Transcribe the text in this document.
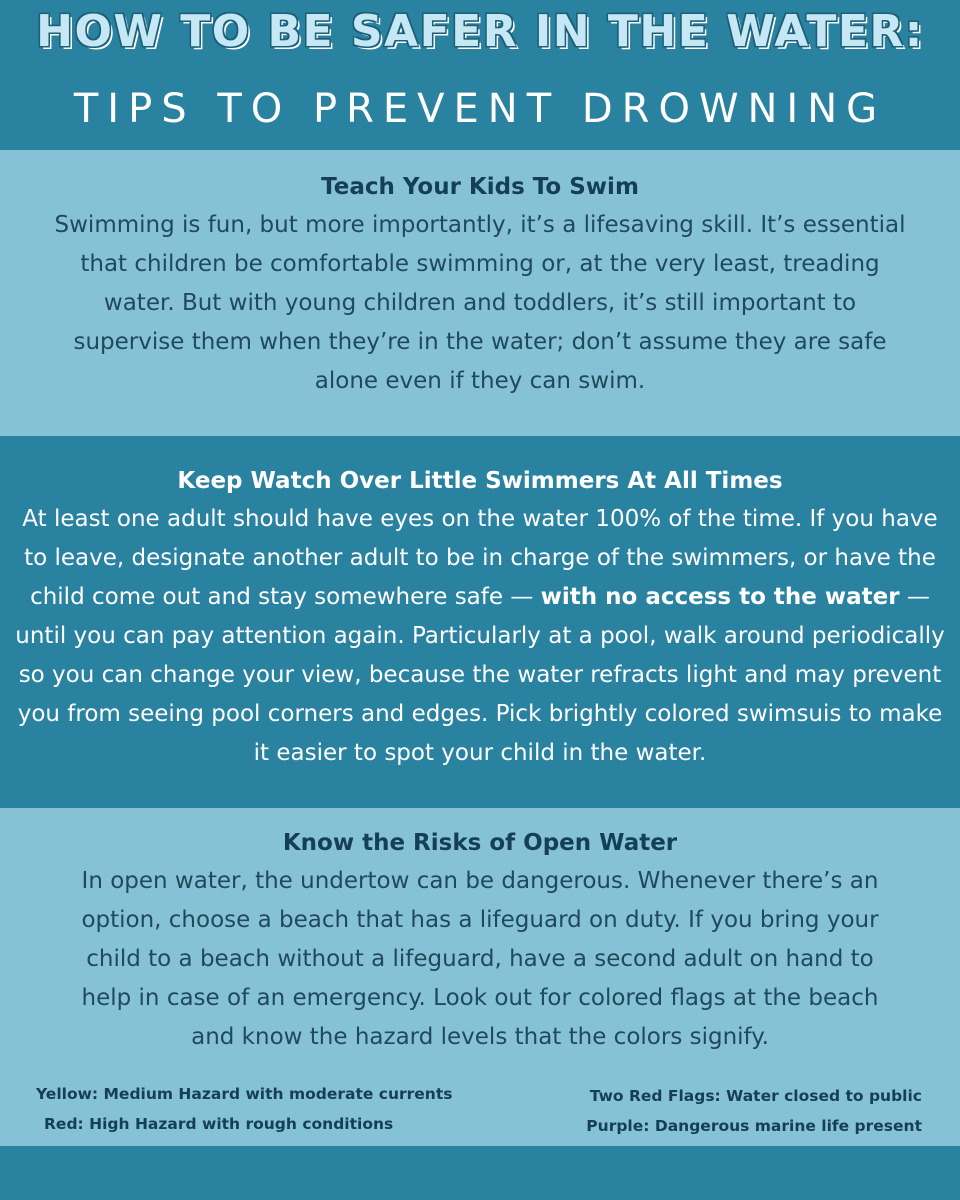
HOW TO BE SAFER IN THE WATER:
TIPS TO PREVENT DROWNING
Teach Your Kids To Swim
Swimming is fun, but more importantly, it’s a lifesaving skill. It’s essential that children be comfortable swimming or, at the very least, treading water. But with young children and toddlers, it’s still important to supervise them when they’re in the water; don’t assume they are safe alone even if they can swim.
Keep Watch Over Little Swimmers At All Times
At least one adult should have eyes on the water 100% of the time. If you have to leave, designate another adult to be in charge of the swimmers, or have the child come out and stay somewhere safe — with no access to the water — until you can pay attention again. Particularly at a pool, walk around periodically so you can change your view, because the water refracts light and may prevent you from seeing pool corners and edges. Pick brightly colored swimsuis to make it easier to spot your child in the water.
Know the Risks of Open Water
In open water, the undertow can be dangerous. Whenever there’s an option, choose a beach that has a lifeguard on duty. If you bring your child to a beach without a lifeguard, have a second adult on hand to help in case of an emergency. Look out for colored flags at the beach and know the hazard levels that the colors signify.
Yellow: Medium Hazard with moderate currents
Red: High Hazard with rough conditions
Two Red Flags: Water closed to public
Purple: Dangerous marine life present
